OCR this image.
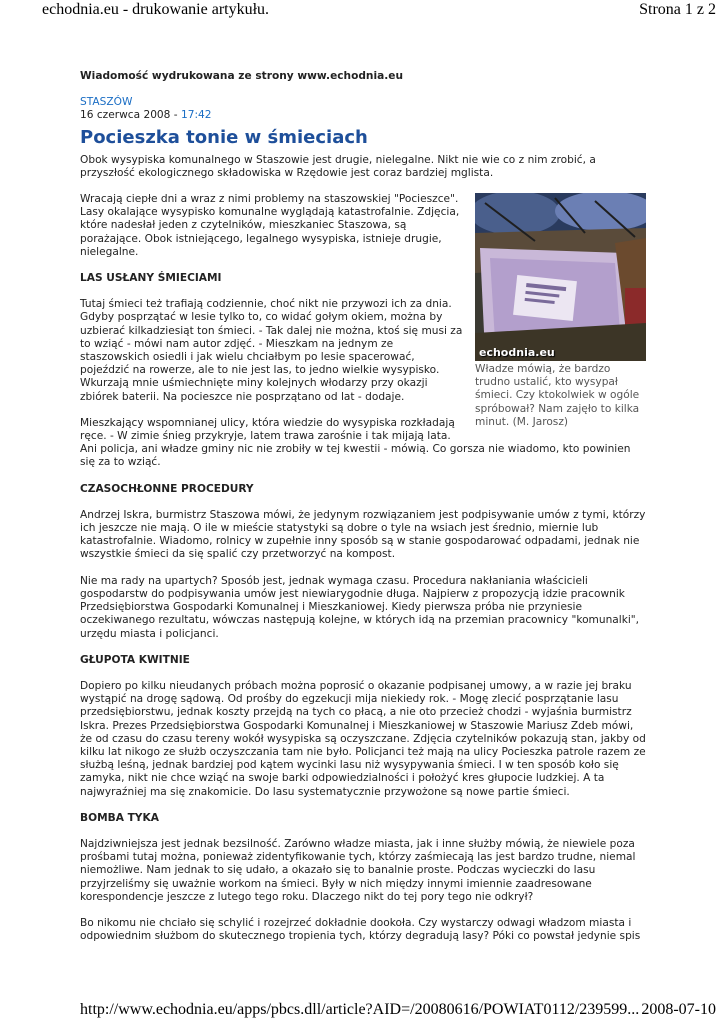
echodnia.eu - drukowanie artykułu.	Strona 1 z 2

Wiadomość wydrukowana ze strony www.echodnia.eu

STASZÓW

16 czerwca 2008 - 17:42

Pocieszka tonie w śmieciach

Obok wysypiska komunalnego w Staszowie jest drugie, nielegalne. Nikt nie wie co z nim zrobić, a przyszłość ekologicznego składowiska w Rzędowie jest coraz bardziej mglista.

echodnia.eu
Władze mówią, że bardzo trudno ustalić, kto wysypał śmieci. Czy ktokolwiek w ogóle spróbował? Nam zajęło to kilka minut. (M. Jarosz)

Wracają ciepłe dni a wraz z nimi problemy na staszowskiej "Pocieszce". Lasy okalające wysypisko komunalne wyglądają katastrofalnie. Zdjęcia, które nadesłał jeden z czytelników, mieszkaniec Staszowa, są porażające. Obok istniejącego, legalnego wysypiska, istnieje drugie, nielegalne.

LAS USŁANY ŚMIECIAMI

Tutaj śmieci też trafiają codziennie, choć nikt nie przywozi ich za dnia. Gdyby posprzątać w lesie tylko to, co widać gołym okiem, można by uzbierać kilkadziesiąt ton śmieci. - Tak dalej nie można, ktoś się musi za to wziąć - mówi nam autor zdjęć. - Mieszkam na jednym ze staszowskich osiedli i jak wielu chciałbym po lesie spacerować, pojeździć na rowerze, ale to nie jest las, to jedno wielkie wysypisko. Wkurzają mnie uśmiechnięte miny kolejnych włodarzy przy okazji zbiórek baterii. Na pocieszce nie posprzątano od lat - dodaje.

Mieszkający wspomnianej ulicy, która wiedzie do wysypiska rozkładają ręce. - W zimie śnieg przykryje, latem trawa zarośnie i tak mijają lata. Ani policja, ani władze gminy nic nie zrobiły w tej kwestii - mówią. Co gorsza nie wiadomo, kto powinien się za to wziąć.

CZASOCHŁONNE PROCEDURY

Andrzej Iskra, burmistrz Staszowa mówi, że jedynym rozwiązaniem jest podpisywanie umów z tymi, którzy ich jeszcze nie mają. O ile w mieście statystyki są dobre o tyle na wsiach jest średnio, miernie lub katastrofalnie. Wiadomo, rolnicy w zupełnie inny sposób są w stanie gospodarować odpadami, jednak nie wszystkie śmieci da się spalić czy przetworzyć na kompost.

Nie ma rady na upartych? Sposób jest, jednak wymaga czasu. Procedura nakłaniania właścicieli gospodarstw do podpisywania umów jest niewiarygodnie długa. Najpierw z propozycją idzie pracownik Przedsiębiorstwa Gospodarki Komunalnej i Mieszkaniowej. Kiedy pierwsza próba nie przyniesie oczekiwanego rezultatu, wówczas następują kolejne, w których idą na przemian pracownicy "komunalki", urzędu miasta i policjanci.

GŁUPOTA KWITNIE

Dopiero po kilku nieudanych próbach można poprosić o okazanie podpisanej umowy, a w razie jej braku wystąpić na drogę sądową. Od prośby do egzekucji mija niekiedy rok. - Mogę zlecić posprzątanie lasu przedsiębiorstwu, jednak koszty przejdą na tych co płacą, a nie oto przecież chodzi - wyjaśnia burmistrz Iskra. Prezes Przedsiębiorstwa Gospodarki Komunalnej i Mieszkaniowej w Staszowie Mariusz Zdeb mówi, że od czasu do czasu tereny wokół wysypiska są oczyszczane. Zdjęcia czytelników pokazują stan, jakby od kilku lat nikogo ze służb oczyszczania tam nie było. Policjanci też mają na ulicy Pocieszka patrole razem ze służbą leśną, jednak bardziej pod kątem wycinki lasu niż wysypywania śmieci. I w ten sposób koło się zamyka, nikt nie chce wziąć na swoje barki odpowiedzialności i położyć kres głupocie ludzkiej. A ta najwyraźniej ma się znakomicie. Do lasu systematycznie przywożone są nowe partie śmieci.

BOMBA TYKA

Najdziwniejsza jest jednak bezsilność. Zarówno władze miasta, jak i inne służby mówią, że niewiele poza prośbami tutaj można, ponieważ zidentyfikowanie tych, którzy zaśmiecają las jest bardzo trudne, niemal niemożliwe. Nam jednak to się udało, a okazało się to banalnie proste. Podczas wycieczki do lasu przyjrzeliśmy się uważnie workom na śmieci. Były w nich między innymi imiennie zaadresowane korespondencje jeszcze z lutego tego roku. Dlaczego nikt do tej pory tego nie odkrył?

Bo nikomu nie chciało się schylić i rozejrzeć dokładnie dookoła. Czy wystarczy odwagi władzom miasta i odpowiednim służbom do skutecznego tropienia tych, którzy degradują lasy? Póki co powstał jedynie spis

http://www.echodnia.eu/apps/pbcs.dll/article?AID=/20080616/POWIAT0112/239599... 2008-07-10
